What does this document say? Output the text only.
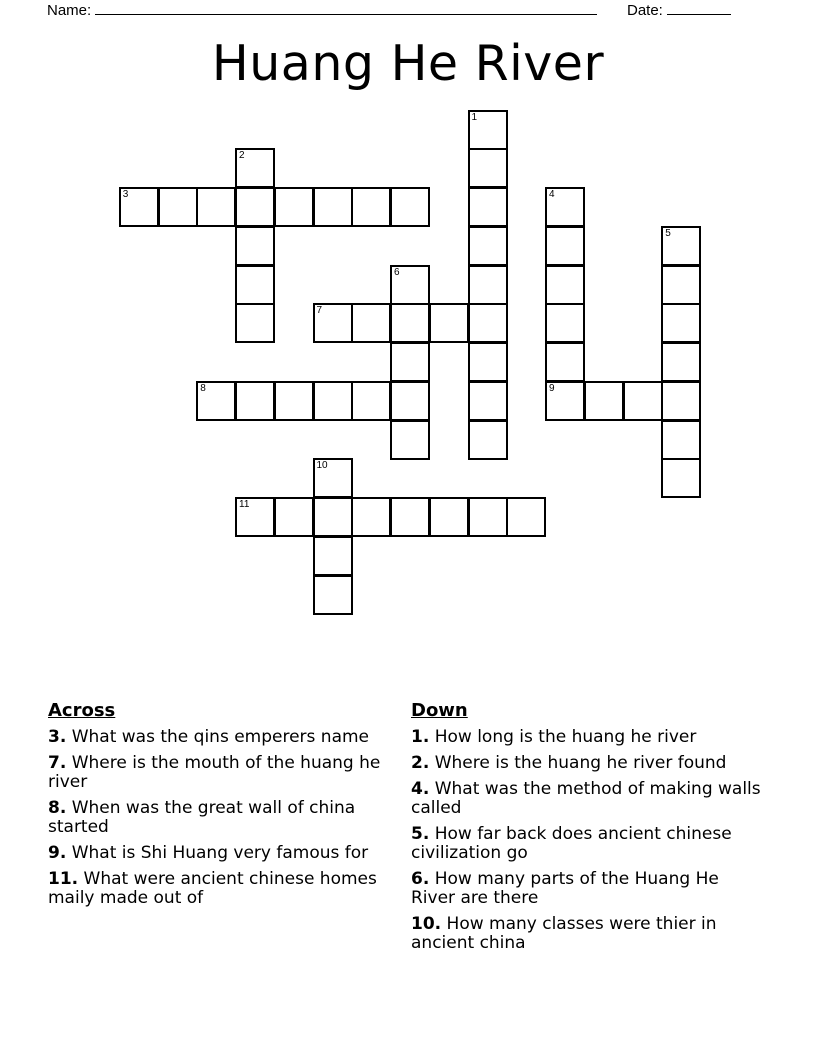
Name:	Date:
Huang He River
1
2
3	4
9
5
6
7
8
10
11
Across
3. What was the qins emperers name
7. Where is the mouth of the huang he river
8. When was the great wall of china started
9. What is Shi Huang very famous for
11. What were ancient chinese homes maily made out of
Down
1. How long is the huang he river
2. Where is the huang he river found
4. What was the method of making walls called
5. How far back does ancient chinese civilization go
6. How many parts of the Huang He River are there
10. How many classes were thier in ancient china
